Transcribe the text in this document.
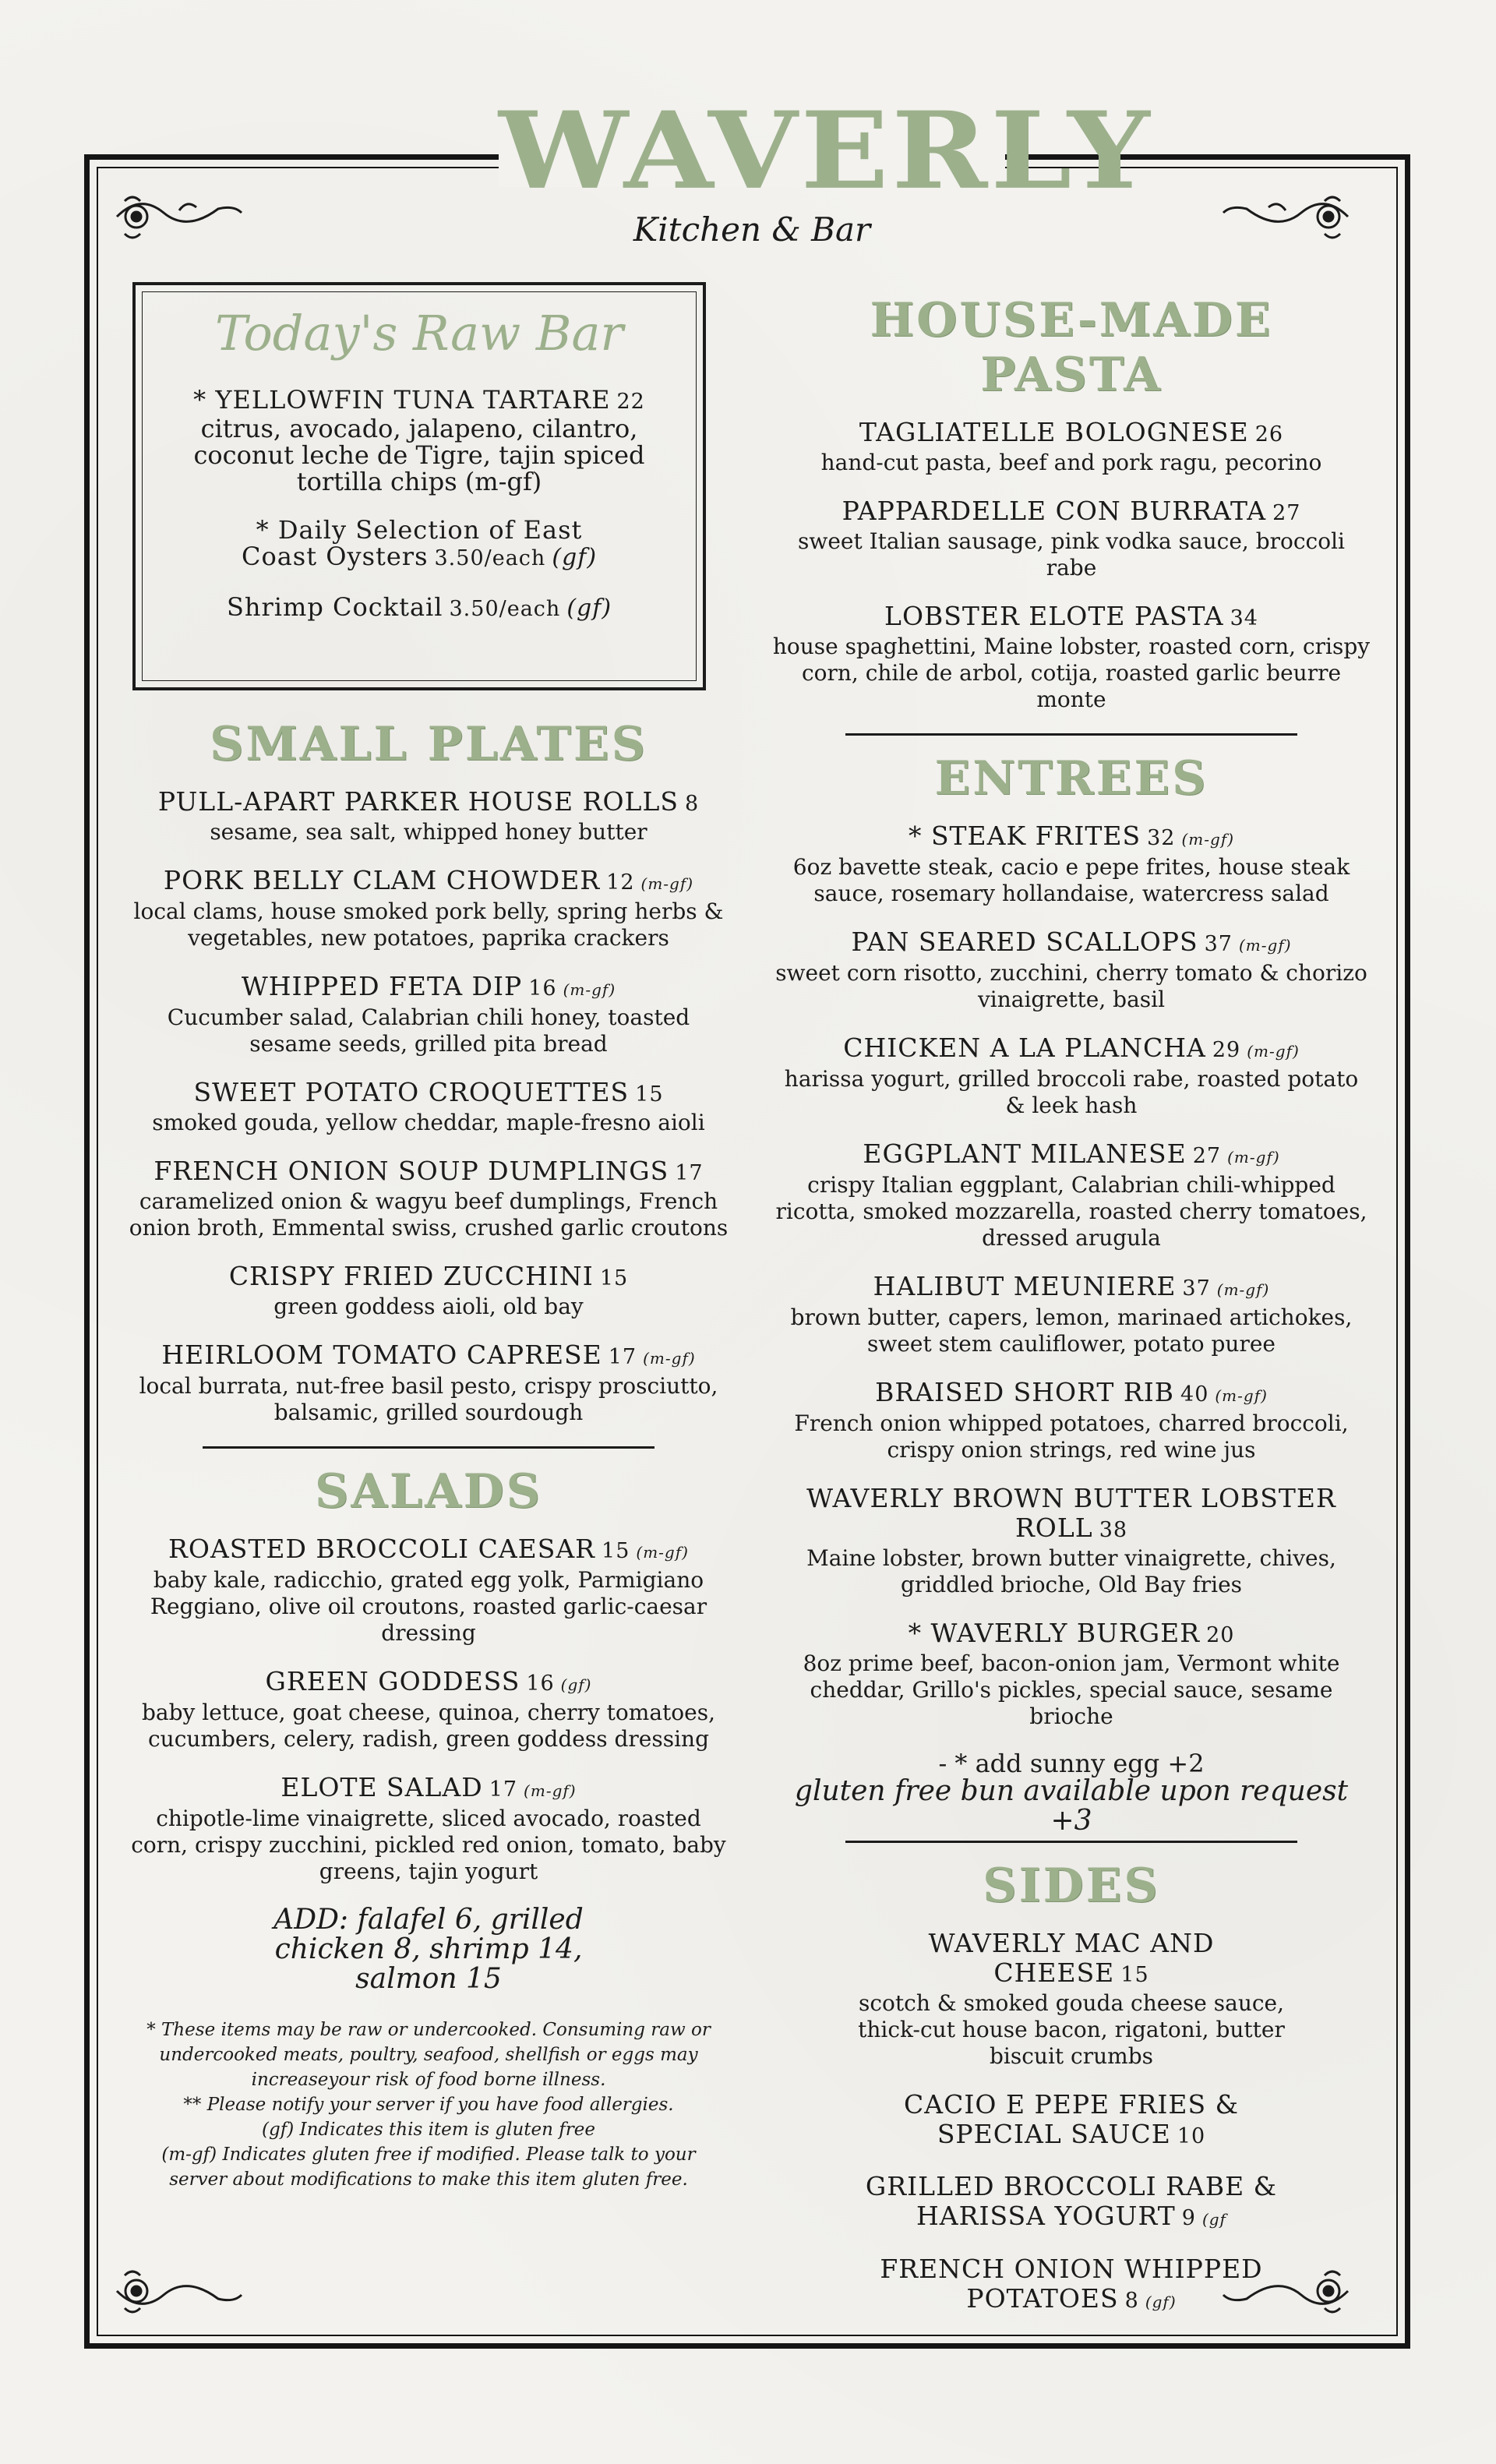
WAVERLY
Kitchen & Bar
Today's Raw Bar
* YELLOWFIN TUNA TARTARE 22
citrus, avocado, jalapeno, cilantro, coconut leche de Tigre, tajin spiced tortilla chips (m-gf)
* Daily Selection of East Coast Oysters 3.50/each (gf)
Shrimp Cocktail 3.50/each (gf)
SMALL PLATES
PULL-APART PARKER HOUSE ROLLS 8
sesame, sea salt, whipped honey butter
PORK BELLY CLAM CHOWDER 12 (m-gf)
local clams, house smoked pork belly, spring herbs & vegetables, new potatoes, paprika crackers
WHIPPED FETA DIP 16 (m-gf)
Cucumber salad, Calabrian chili honey, toasted sesame seeds, grilled pita bread
SWEET POTATO CROQUETTES 15
smoked gouda, yellow cheddar, maple-fresno aioli
FRENCH ONION SOUP DUMPLINGS 17
caramelized onion & wagyu beef dumplings, French onion broth, Emmental swiss, crushed garlic croutons
CRISPY FRIED ZUCCHINI 15
green goddess aioli, old bay
HEIRLOOM TOMATO CAPRESE 17 (m-gf)
local burrata, nut-free basil pesto, crispy prosciutto, balsamic, grilled sourdough
SALADS
ROASTED BROCCOLI CAESAR 15 (m-gf)
baby kale, radicchio, grated egg yolk, Parmigiano Reggiano, olive oil croutons, roasted garlic-caesar dressing
GREEN GODDESS 16 (gf)
baby lettuce, goat cheese, quinoa, cherry tomatoes, cucumbers, celery, radish, green goddess dressing
ELOTE SALAD 17 (m-gf)
chipotle-lime vinaigrette, sliced avocado, roasted corn, crispy zucchini, pickled red onion, tomato, baby greens, tajin yogurt
ADD: falafel 6, grilled chicken 8, shrimp 14, salmon 15
* These items may be raw or undercooked. Consuming raw or undercooked meats, poultry, seafood, shellfish or eggs may increaseyour risk of food borne illness.
** Please notify your server if you have food allergies.
(gf) Indicates this item is gluten free
(m-gf) Indicates gluten free if modified. Please talk to your server about modifications to make this item gluten free.
HOUSE-MADE PASTA
TAGLIATELLE BOLOGNESE 26
hand-cut pasta, beef and pork ragu, pecorino
PAPPARDELLE CON BURRATA 27
sweet Italian sausage, pink vodka sauce, broccoli rabe
LOBSTER ELOTE PASTA 34
house spaghettini, Maine lobster, roasted corn, crispy corn, chile de arbol, cotija, roasted garlic beurre monte
ENTREES
* STEAK FRITES 32 (m-gf)
6oz bavette steak, cacio e pepe frites, house steak sauce, rosemary hollandaise, watercress salad
PAN SEARED SCALLOPS 37 (m-gf)
sweet corn risotto, zucchini, cherry tomato & chorizo vinaigrette, basil
CHICKEN A LA PLANCHA 29 (m-gf)
harissa yogurt, grilled broccoli rabe, roasted potato & leek hash
EGGPLANT MILANESE 27 (m-gf)
crispy Italian eggplant, Calabrian chili-whipped ricotta, smoked mozzarella, roasted cherry tomatoes, dressed arugula
HALIBUT MEUNIERE 37 (m-gf)
brown butter, capers, lemon, marinaed artichokes, sweet stem cauliflower, potato puree
BRAISED SHORT RIB 40 (m-gf)
French onion whipped potatoes, charred broccoli, crispy onion strings, red wine jus
WAVERLY BROWN BUTTER LOBSTER ROLL 38
Maine lobster, brown butter vinaigrette, chives, griddled brioche, Old Bay fries
* WAVERLY BURGER 20
8oz prime beef, bacon-onion jam, Vermont white cheddar, Grillo's pickles, special sauce, sesame brioche
- * add sunny egg +2
gluten free bun available upon request +3
SIDES
WAVERLY MAC AND CHEESE 15
scotch & smoked gouda cheese sauce, thick-cut house bacon, rigatoni, butter biscuit crumbs
CACIO E PEPE FRIES & SPECIAL SAUCE 10
GRILLED BROCCOLI RABE & HARISSA YOGURT 9 (gf
FRENCH ONION WHIPPED POTATOES 8 (gf)
